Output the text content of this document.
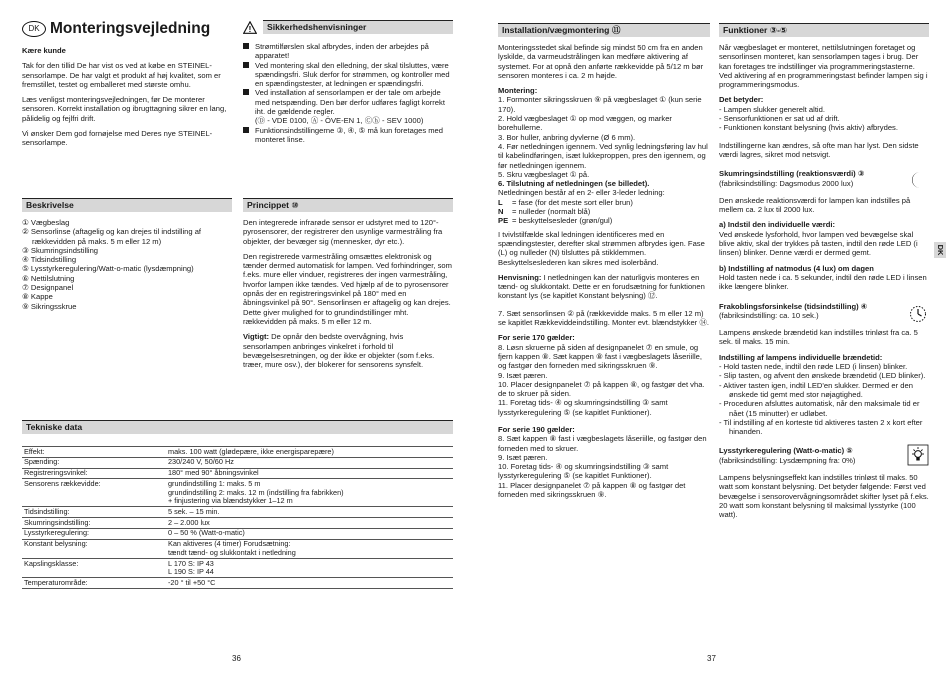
DK Monteringsvejledning

Kære kunde

Tak for den tillid De har vist os ved at købe en STEINEL-sensorlampe. De har valgt et produkt af høj kvalitet, som er fremstillet, testet og emballeret med største omhu.

Læs venligst monteringsvejledningen, før De monterer sensoren. Korrekt installation og ibrugttagning sikrer en lang, pålidelig og fejlfri drift.

Vi ønsker Dem god fornøjelse med Deres nye STEINEL-sensorlampe.

!	Sikkerhedshenvisninger
Strømtilførslen skal afbrydes, inden der arbejdes på apparatet!
Ved montering skal den elledning, der skal tilsluttes, være spændingsfri. Sluk derfor for strømmen, og kontroller med en spændingstester, at ledningen er spændingsfri.
Ved installation af sensorlampen er der tale om arbejde med netspænding. Den bør derfor udføres fagligt korrekt iht. de gældende regler.
(Ⓓ - VDE 0100, Ⓐ - ÖVE-EN 1, Ⓒⓗ - SEV 1000)
Funktionsindstillingerne ③, ④, ⑤ må kun foretages med monteret linse.
Beskrivelse
① Vægbeslag
② Sensorlinse (aftagelig og kan drejes til indstilling af rækkevidden på maks. 5 m eller 12 m)
③ Skumringsindstilling
④ Tidsindstilling
⑤ Lysstyrkeregulering/Watt-o-matic (lysdæmpning)
⑥ Nettilslutning
⑦ Designpanel
⑧ Kappe
⑨ Sikringsskrue
Princippet ⑩

Den integrerede infrarøde sensor er udstyret med to 120°-pyrosensorer, der registrerer den usynlige varmestråling fra objekter, der bevæger sig (mennesker, dyr etc.).

Den registrerede varmestråling omsættes elektronisk og tænder dermed automatisk for lampen. Ved forhindringer, som f.eks. mure eller vinduer, registreres der ingen varmestråling, hvorfor lampen ikke tændes. Ved hjælp af de to pyrosensorer opnås der en registreringsvinkel på 180° med en åbningsvinkel på 90°. Sensorlinsen er aftagelig og kan drejes. Dette giver mulighed for to grundindstillinger mht. rækkevidden på maks. 5 m eller 12 m.

Vigtigt: De opnår den bedste overvågning, hvis sensorlampen anbringes vinkelret i forhold til bevægelsesretningen, og der ikke er objekter (som f.eks. træer, mure osv.), der blokerer for sensorens synsfelt.

Tekniske data
Effekt:	maks. 100 watt (glødepære, ikke energisparepære)
Spænding:	230/240 V, 50/60 Hz
Registreringsvinkel:	180° med 90° åbningsvinkel
Sensorens rækkevidde:	grundindstilling 1: maks. 5 m
grundindstilling 2: maks. 12 m (indstilling fra fabrikken)
+ finjustering via blændstykker 1–12 m
Tidsindstilling:	5 sek. – 15 min.
Skumringsindstilling:	2 – 2.000 lux
Lysstyrkeregulering:	0 – 50 % (Watt-o-matic)
Konstant belysning:	Kan aktiveres (4 timer) Forudsætning:
tændt tænd- og slukkontakt i netledning
Kapslingsklasse:	L 170 S: IP 43
L 190 S: IP 44
Temperaturområde:	-20 ° til +50 °C
36
Installation/vægmontering ⑪

Monteringsstedet skal befinde sig mindst 50 cm fra en anden lyskilde, da varmeudstrålingen kan medføre aktivering af systemet. For at opnå den anførte rækkevidde på 5/12 m bør sensoren monteres i ca. 2 m højde.

Montering:
1. Formonter sikringsskruen ⑨ på vægbeslaget ① (kun serie 170).
2. Hold vægbeslaget ① op mod væggen, og marker borehullerne.
3. Bor huller, anbring dyvlerne (Ø 6 mm).
4. Før netledningen igennem. Ved synlig ledningsføring lav hul til kabelindføringen, isæt lukkeproppen, pres den igennem, og før netledningen igennem.
5. Skru vægbeslaget ① på.
6. Tilslutning af netledningen (se billedet).
Netledningen består af en 2- eller 3-leder ledning:
L = fase (for det meste sort eller brun)
N = nulleder (normalt blå)
PE = beskyttelsesleder (grøn/gul)

I tvivlstilfælde skal ledningen identificeres med en spændingstester, derefter skal strømmen afbrydes igen. Fase (L) og nulleder (N) tilsluttes på stikklemmen. Beskyttelseslederen kan sikres med isolerbånd.

Henvisning: I netledningen kan der naturligvis monteres en tænd- og slukkontakt. Dette er en forudsætning for funktionen konstant lys (se kapitlet Konstant belysning) ⑫.

7. Sæt sensorlinsen ② på (rækkevidde maks. 5 m eller 12 m) se kapitlet Rækkeviddeindstilling. Monter evt. blændstykker ⑭.

For serie 170 gælder:
8. Løsn skruerne på siden af designpanelet ⑦ en smule, og fjern kappen ⑧. Sæt kappen ⑧ fast i vægbeslagets låseriille, og fastgør den forneden med sikringsskruen ⑨.
9. Isæt pæren.
10. Placer designpanelet ⑦ på kappen ⑧, og fastgør det vha. de to skruer på siden.
11. Foretag tids- ④ og skumringsindstilling ③ samt lysstyrkeregulering ⑤ (se kapitlet Funktioner).
For serie 190 gælder:
8. Sæt kappen ⑧ fast i vægbeslagets låseriille, og fastgør den forneden med to skruer.
9. Isæt pæren.
10. Foretag tids- ④ og skumringsindstilling ③ samt lysstyrkeregulering ⑤ (se kapitlet Funktioner).
11. Placer designpanelet ⑦ på kappen ⑧ og fastgør det forneden med sikringsskruen ⑨.
Funktioner ③-⑤

Når vægbeslaget er monteret, nettilslutningen foretaget og sensorlinsen monteret, kan sensorlampen tages i brug. Der kan foretages tre indstillinger via programmeringstasterne. Ved aktivering af en programmeringstast befinder lampen sig i programmeringsmodus.

Det betyder:
- Lampen slukker generelt altid.
- Sensorfunktionen er sat ud af drift.
- Funktionen konstant belysning (hvis aktiv) afbrydes.

Indstillingerne kan ændres, så ofte man har lyst. Den sidste værdi lagres, sikret mod netsvigt.

Skumringsindstilling (reaktionsværdi) ③
(fabriksindstilling: Dagsmodus 2000 lux)

Den ønskede reaktionsværdi for lampen kan indstilles på mellem ca. 2 lux til 2000 lux.

a) Indstil den individuelle værdi:

Ved ønskede lysforhold, hvor lampen ved bevægelse skal blive aktiv, skal der trykkes på tasten, indtil den røde LED (i linsen) blinker. Denne værdi er dermed gemt.

b) Indstilling af natmodus (4 lux) om dagen

Hold tasten nede i ca. 5 sekunder, indtil den røde LED i linsen ikke længere blinker.

Frakoblingsforsinkelse (tidsindstilling) ④
(fabriksindstilling: ca. 10 sek.)

Lampens ønskede brændetid kan indstilles trinløst fra ca. 5 sek. til maks. 15 min.

Indstilling af lampens individuelle brændetid:
- Hold tasten nede, indtil den røde LED (i linsen) blinker.
- Slip tasten, og afvent den ønskede brændetid (LED blinker).
- Aktiver tasten igen, indtil LED'en slukker. Dermed er den ønskede tid gemt med stor nøjagtighed.
- Proceduren afsluttes automatisk, når den maksimale tid er nået (15 minutter) er udløbet.
- Til indstilling af en korteste tid aktiveres tasten 2 x kort efter hinanden.
Lysstyrkeregulering (Watt-o-matic) ⑤
(fabriksindstilling: Lysdæmpning fra: 0%)

Lampens belysningseffekt kan indstilles trinløst til maks. 50 watt som konstant belysning. Det betyder følgende: Først ved bevægelse i sensorovervågningsområdet skifter lyset på f.eks. 20 watt som konstant belysning til maksimal lysstyrke (100 watt).

37
DK
